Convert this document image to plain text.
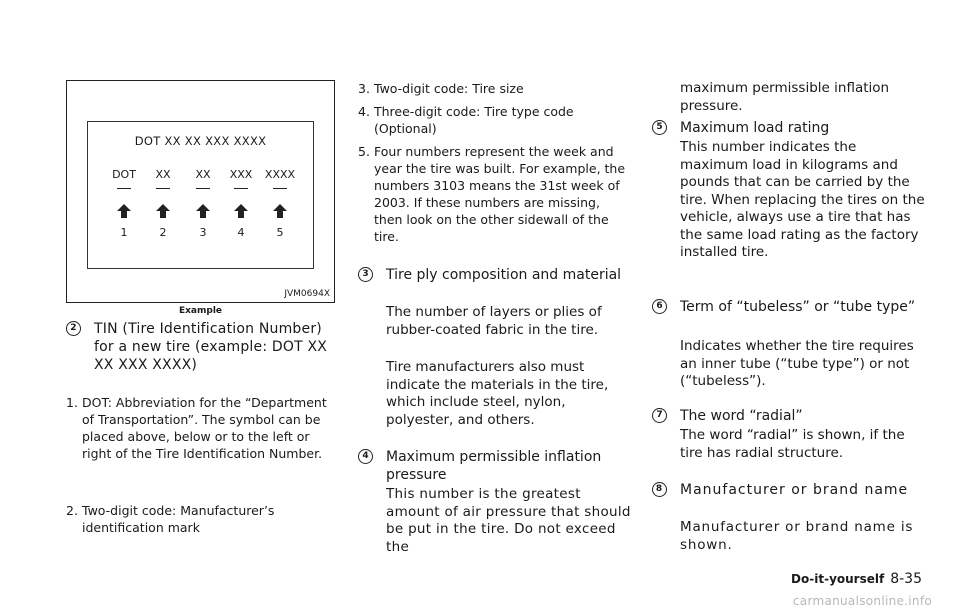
DOT XX XX XXX XXXX
DOT XX XX XXX XXXX
1	2	3	4	5
JVM0694X
Example
2	TIN (Tire Identification Number) for a new tire (example: DOT XX XX XXX XXXX)
1. DOT: Abbreviation for the “Department of Transportation”. The symbol can be placed above, below or to the left or right of the Tire Identification Number.
2. Two-digit code: Manufacturer’s identification mark
3. Two-digit code: Tire size
4. Three-digit code: Tire type code (Optional)
5. Four numbers represent the week and year the tire was built. For example, the numbers 3103 means the 31st week of 2003. If these numbers are missing, then look on the other sidewall of the tire.
3	Tire ply composition and material
The number of layers or plies of rubber-coated fabric in the tire.
Tire manufacturers also must indicate the materials in the tire, which include steel, nylon, polyester, and others.
4	Maximum permissible inflation pressure
This number is the greatest amount of air pressure that should be put in the tire. Do not exceed the
maximum permissible inflation pressure.
5	Maximum load rating
This number indicates the maximum load in kilograms and pounds that can be carried by the tire. When replacing the tires on the vehicle, always use a tire that has the same load rating as the factory installed tire.
6	Term of “tubeless” or “tube type”
Indicates whether the tire requires an inner tube (“tube type”) or not (“tubeless”).
7	The word “radial”
The word “radial” is shown, if the tire has radial structure.
8 Manufacturer or brand name
Manufacturer or brand name is shown.
Do-it-yourself 8-35
carmanualsonline.info
